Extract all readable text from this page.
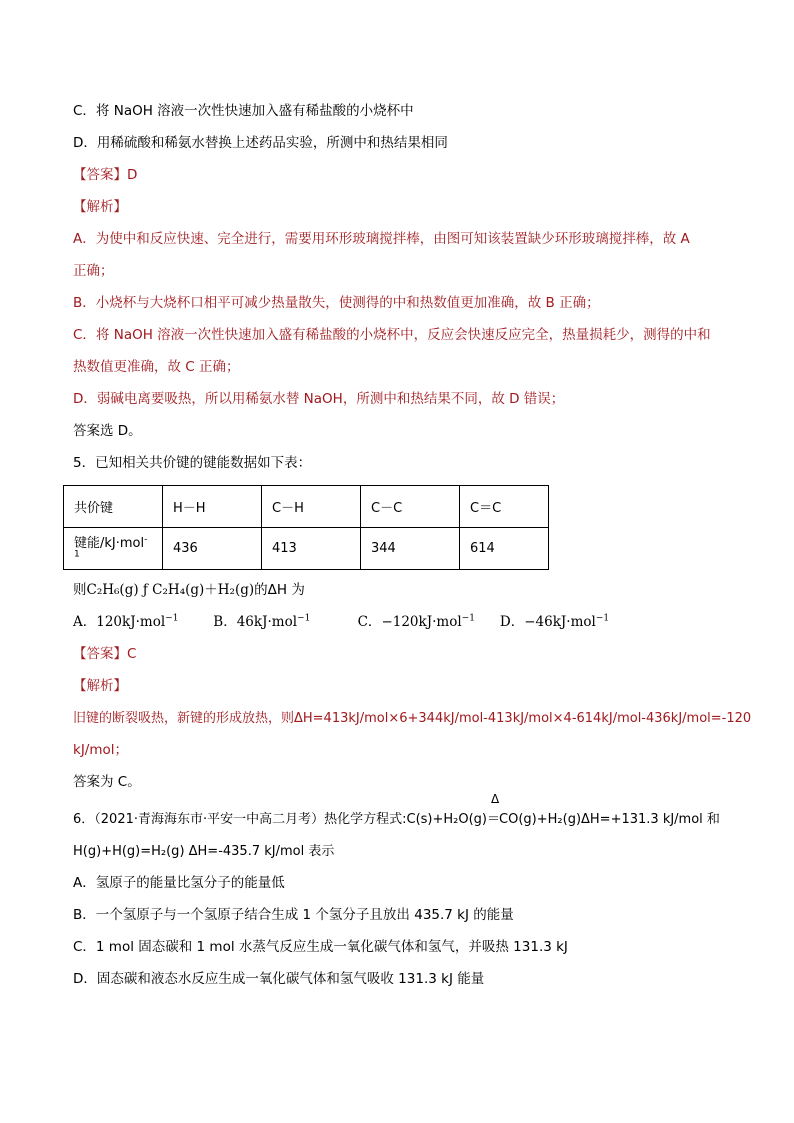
C．将 NaOH 溶液一次性快速加入盛有稀盐酸的小烧杯中
D．用稀硫酸和稀氨水替换上述药品实验，所测中和热结果相同
【答案】D
【解析】
A．为使中和反应快速、完全进行，需要用环形玻璃搅拌棒，由图可知该装置缺少环形玻璃搅拌棒，故 A
正确；
B．小烧杯与大烧杯口相平可减少热量散失，使测得的中和热数值更加准确，故 B 正确；
C．将 NaOH 溶液一次性快速加入盛有稀盐酸的小烧杯中，反应会快速反应完全，热量损耗少，测得的中和
热数值更准确，故 C 正确；
D．弱碱电离要吸热，所以用稀氨水替 NaOH，所测中和热结果不同，故 D 错误；
答案选 D。
5．已知相关共价键的键能数据如下表：
共价键	H－H	C－H	C－C	C＝C
键能/kJ·mol$^{-1}$	436	413	344	614
则C₂H₆(g) ƒ C₂H₄(g)＋H₂(g)的ΔH 为
A．120kJ·mol$^{-1}$	B．46kJ·mol$^{-1}$	C．−120kJ·mol$^{-1}$ D．−46kJ·mol$^{-1}$
【答案】C
【解析】
旧键的断裂吸热，新键的形成放热，则ΔH=413kJ/mol×6+344kJ/mol-413kJ/mol×4-614kJ/mol-436kJ/mol=-120
kJ/mol；
答案为 C。
6．（2021·青海海东市·平安一中高二月考）热化学方程式:C(s)+H₂O(g)
Δ
＝CO(g)+H₂(g)ΔH=+131.3 kJ/mol 和
H(g)+H(g)=H₂(g) ΔH=-435.7 kJ/mol 表示
A．氢原子的能量比氢分子的能量低
B．一个氢原子与一个氢原子结合生成 1 个氢分子且放出 435.7 kJ 的能量
C．1 mol 固态碳和 1 mol 水蒸气反应生成一氧化碳气体和氢气，并吸热 131.3 kJ
D．固态碳和液态水反应生成一氧化碳气体和氢气吸收 131.3 kJ 能量
